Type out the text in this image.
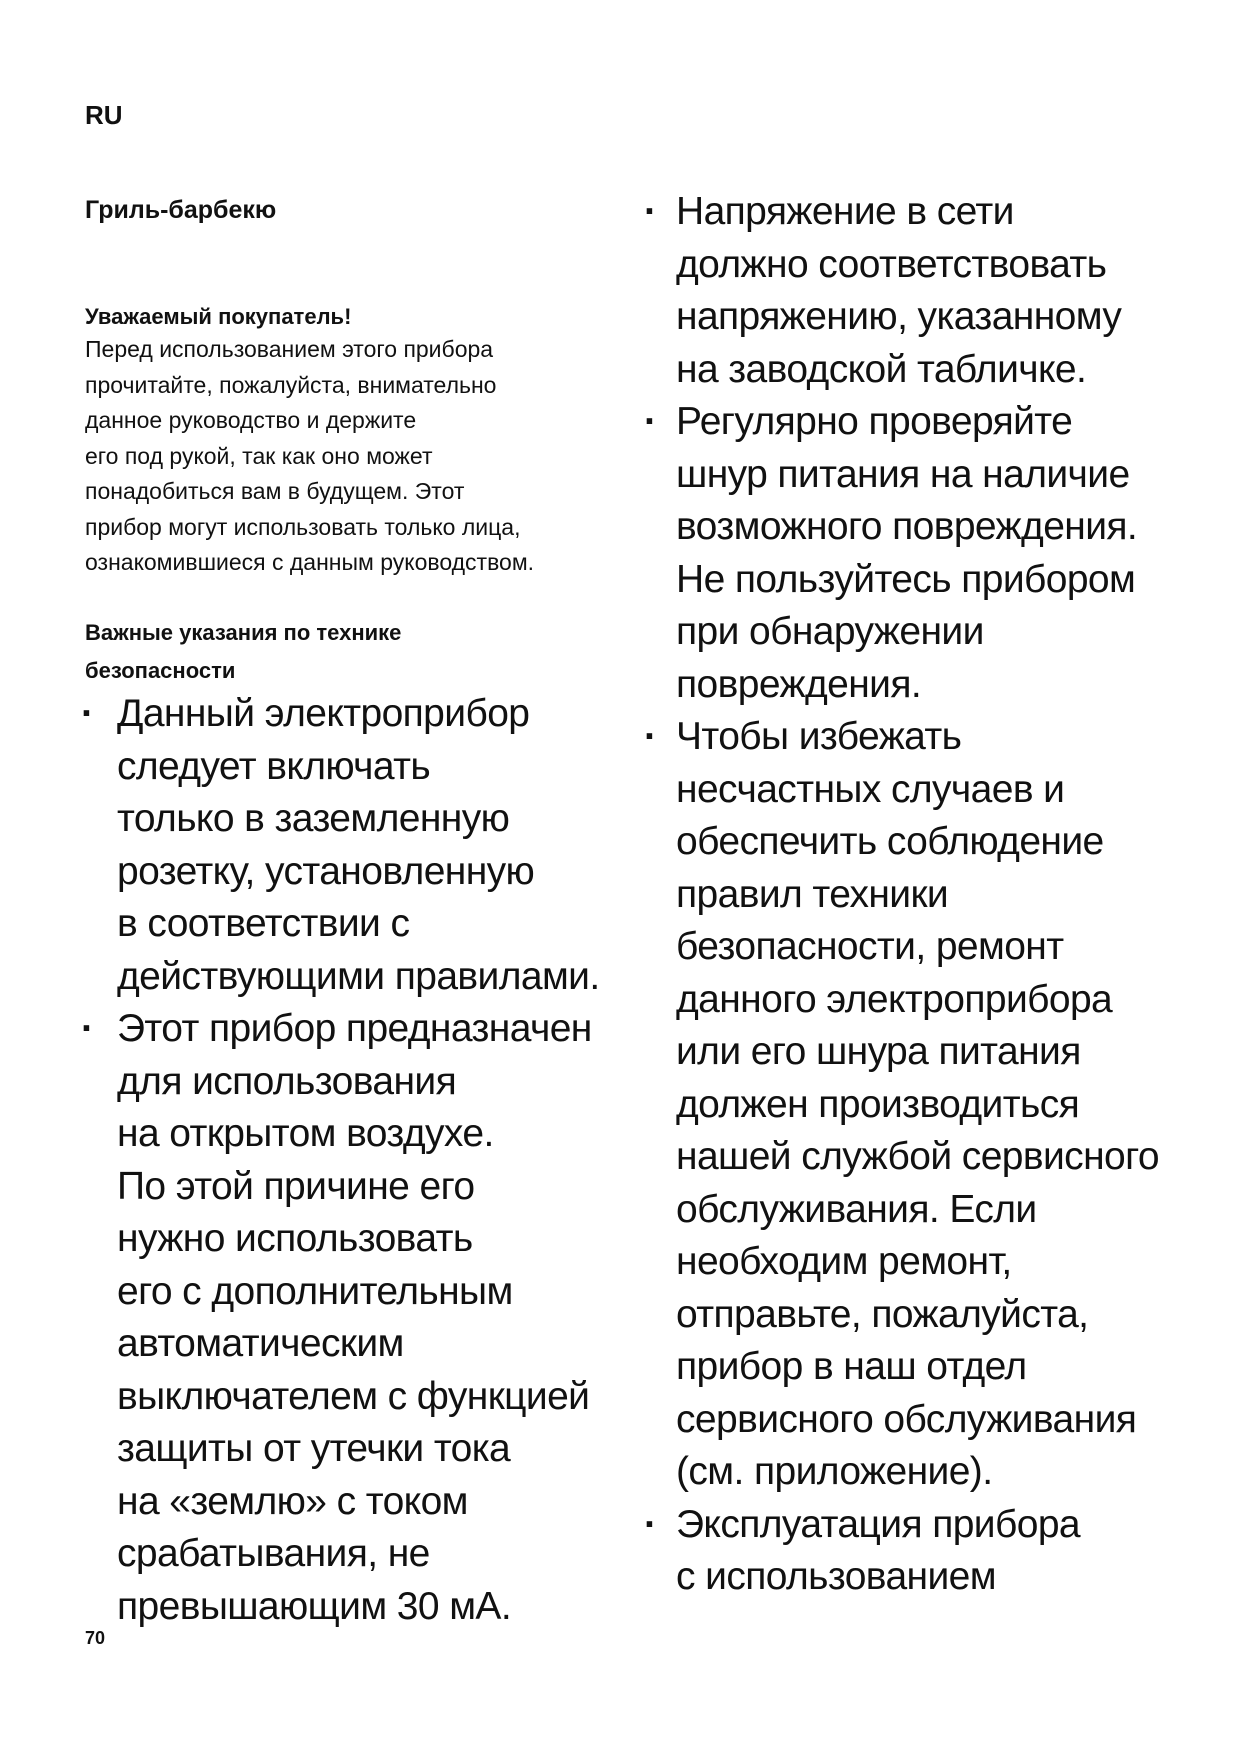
RU
Гриль-барбекю
Уважаемый покупатель!
Перед использованием этого прибора
прочитайте, пожалуйста, внимательно
данное руководство и держите
его под рукой, так как оно может
понадобиться вам в будущем. Этот
прибор могут использовать только лица,
ознакомившиеся с данным руководством.
Важные указания по технике
безопасности
· Данный электроприбор
следует включать
только в заземленную
розетку, установленную
в соответствии с
действующими правилами.
· Этот прибор предназначен
для использования
на открытом воздухе.
По этой причине его
нужно использовать
его с дополнительным
автоматическим
выключателем с функцией
защиты от утечки тока
на «землю» с током
срабатывания, не
превышающим 30 мА.
· Напряжение в сети
должно соответствовать
напряжению, указанному
на заводской табличке.
· Регулярно проверяйте
шнур питания на наличие
возможного повреждения.
Не пользуйтесь прибором
при обнаружении
повреждения.
· Чтобы избежать
несчастных случаев и
обеспечить соблюдение
правил техники
безопасности, ремонт
данного электроприбора
или его шнура питания
должен производиться
нашей службой сервисного
обслуживания. Если
необходим ремонт,
отправьте, пожалуйста,
прибор в наш отдел
сервисного обслуживания
(см. приложение).
· Эксплуатация прибора
с использованием
70
